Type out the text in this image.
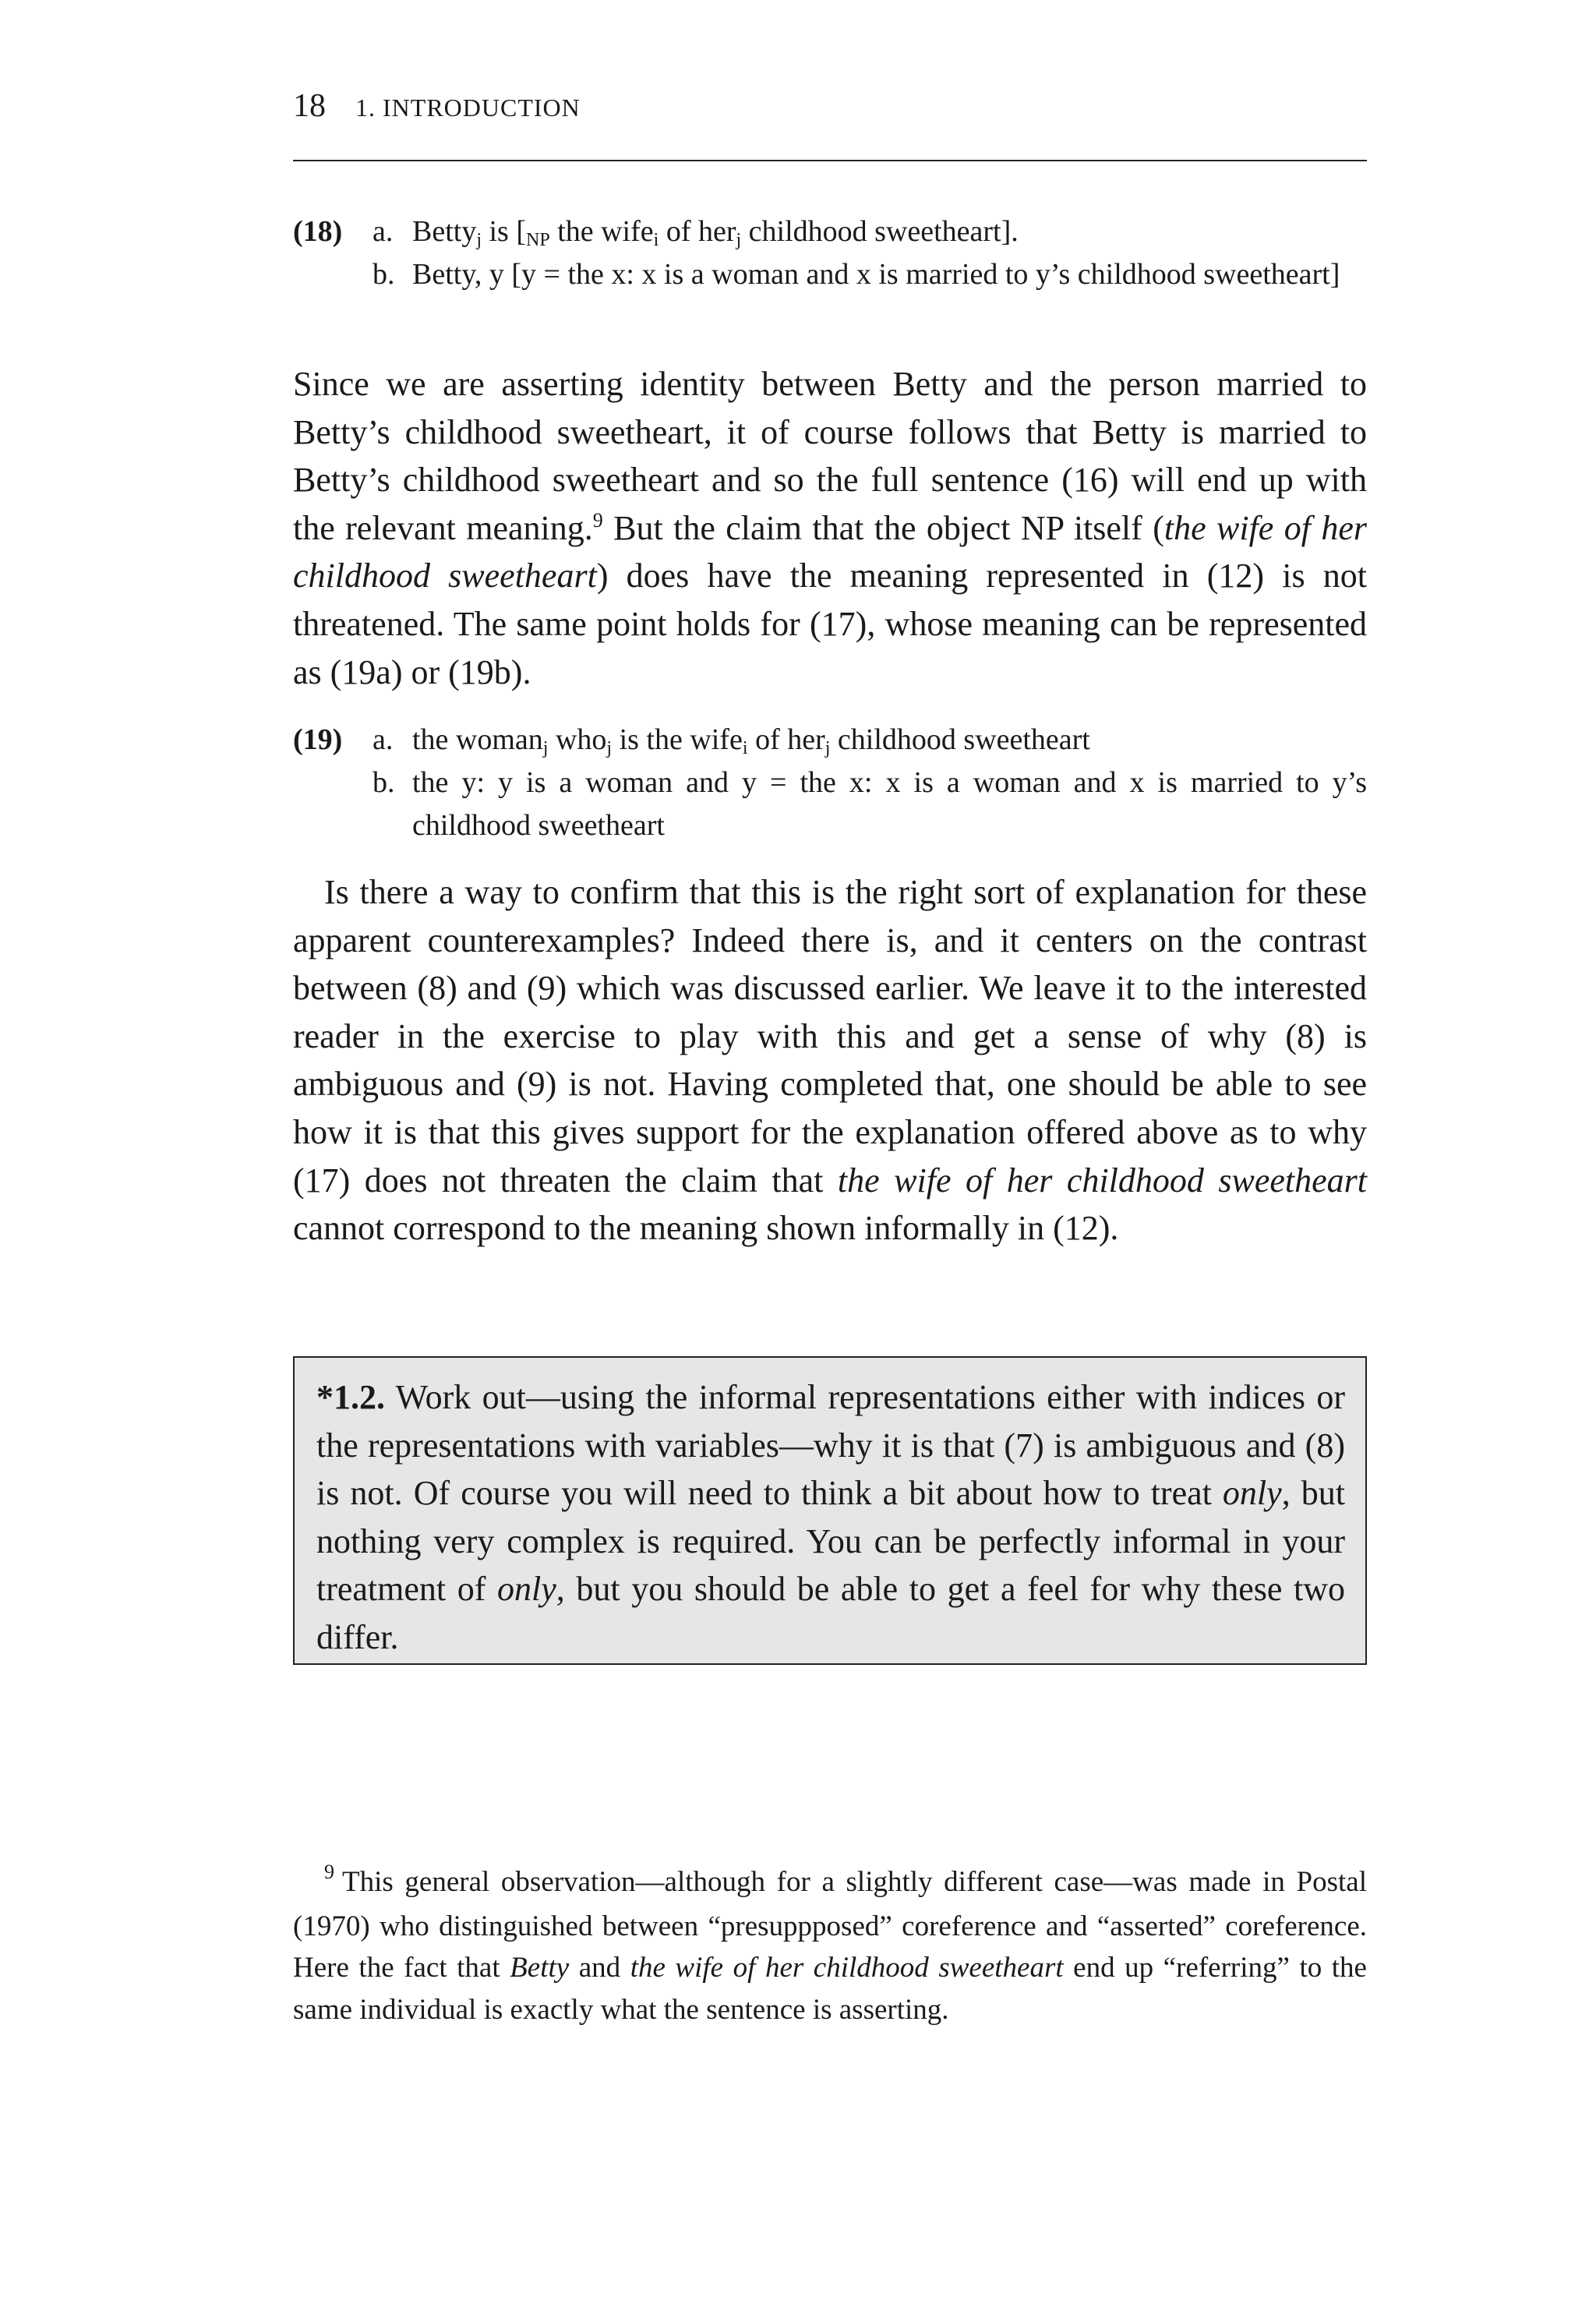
18 1. INTRODUCTION
(18) a. Betty$_j$ is [$_{NP}$ the wife$_i$ of her$_j$ childhood sweetheart].
b. Betty, y [y = the x: x is a woman and x is married to y’s childhood sweetheart]

Since we are asserting identity between Betty and the person married to Betty’s childhood sweetheart, it of course follows that Betty is married to Betty’s childhood sweetheart and so the full sentence (16) will end up with the relevant meaning.$^9$ But the claim that the object NP itself (the wife of her childhood sweetheart) does have the meaning represented in (12) is not threatened. The same point holds for (17), whose meaning can be represented as (19a) or (19b).

(19) a. the woman$_j$ who$_j$ is the wife$_i$ of her$_j$ childhood sweetheart
b. the y: y is a woman and y = the x: x is a woman and x is married to y’s childhood sweetheart

Is there a way to confirm that this is the right sort of explanation for these apparent counterexamples? Indeed there is, and it centers on the contrast between (8) and (9) which was discussed earlier. We leave it to the interested reader in the exercise to play with this and get a sense of why (8) is ambiguous and (9) is not. Having completed that, one should be able to see how it is that this gives support for the explanation offered above as to why (17) does not threaten the claim that the wife of her childhood sweetheart cannot correspond to the meaning shown informally in (12).

*1.2. Work out—using the informal representations either with indices or the representations with variables—why it is that (7) is ambiguous and (8) is not. Of course you will need to think a bit about how to treat only, but nothing very complex is required. You can be perfectly informal in your treatment of only, but you should be able to get a feel for why these two differ.
$^9$ This general observation—although for a slightly different case—was made in Postal (1970) who distinguished between “presuppposed” coreference and “asserted” coreference. Here the fact that Betty and the wife of her childhood sweetheart end up “referring” to the same individual is exactly what the sentence is asserting.
